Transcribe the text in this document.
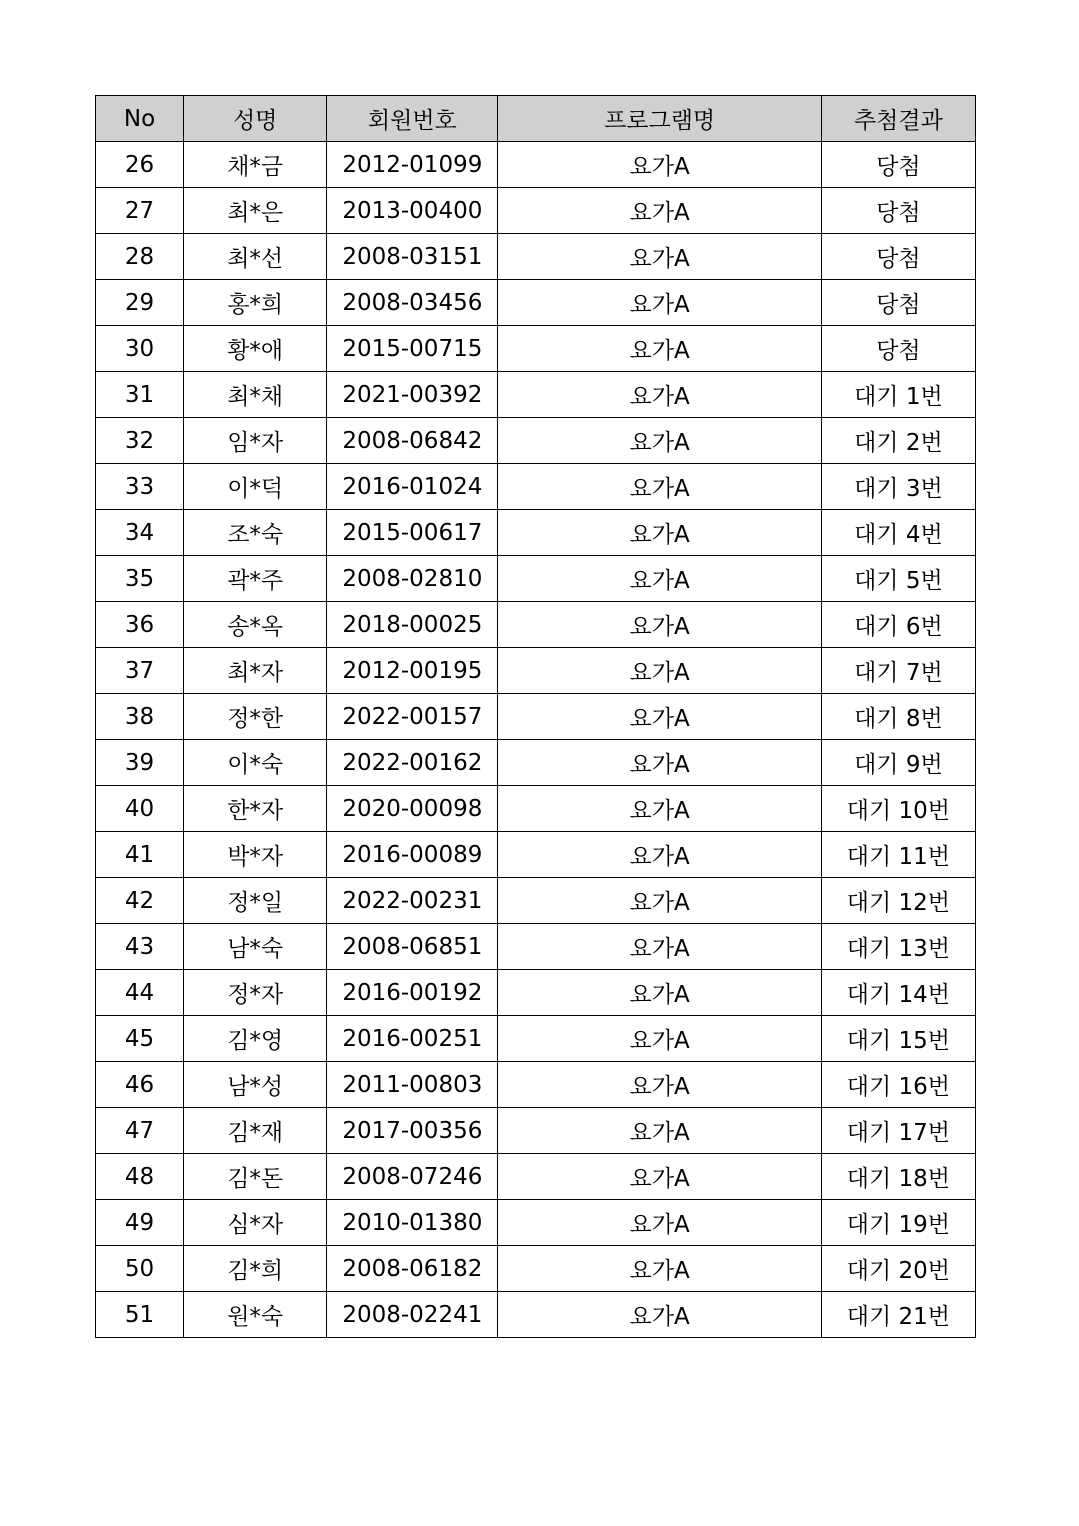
No	성명	회원번호	프로그램명	추첨결과
26	채*금	2012-01099	요가A	당첨
27	최*은	2013-00400	요가A	당첨
28	최*선	2008-03151	요가A	당첨
29	홍*희	2008-03456	요가A	당첨
30	황*애	2015-00715	요가A	당첨
31	최*채	2021-00392	요가A	대기 1번
32	임*자	2008-06842	요가A	대기 2번
33	이*덕	2016-01024	요가A	대기 3번
34	조*숙	2015-00617	요가A	대기 4번
35	곽*주	2008-02810	요가A	대기 5번
36	송*옥	2018-00025	요가A	대기 6번
37	최*자	2012-00195	요가A	대기 7번
38	정*한	2022-00157	요가A	대기 8번
39	이*숙	2022-00162	요가A	대기 9번
40	한*자	2020-00098	요가A	대기 10번
41	박*자	2016-00089	요가A	대기 11번
42	정*일	2022-00231	요가A	대기 12번
43	남*숙	2008-06851	요가A	대기 13번
44	정*자	2016-00192	요가A	대기 14번
45	김*영	2016-00251	요가A	대기 15번
46	남*성	2011-00803	요가A	대기 16번
47	김*재	2017-00356	요가A	대기 17번
48	김*돈	2008-07246	요가A	대기 18번
49	심*자	2010-01380	요가A	대기 19번
50	김*희	2008-06182	요가A	대기 20번
51	원*숙	2008-02241	요가A	대기 21번
